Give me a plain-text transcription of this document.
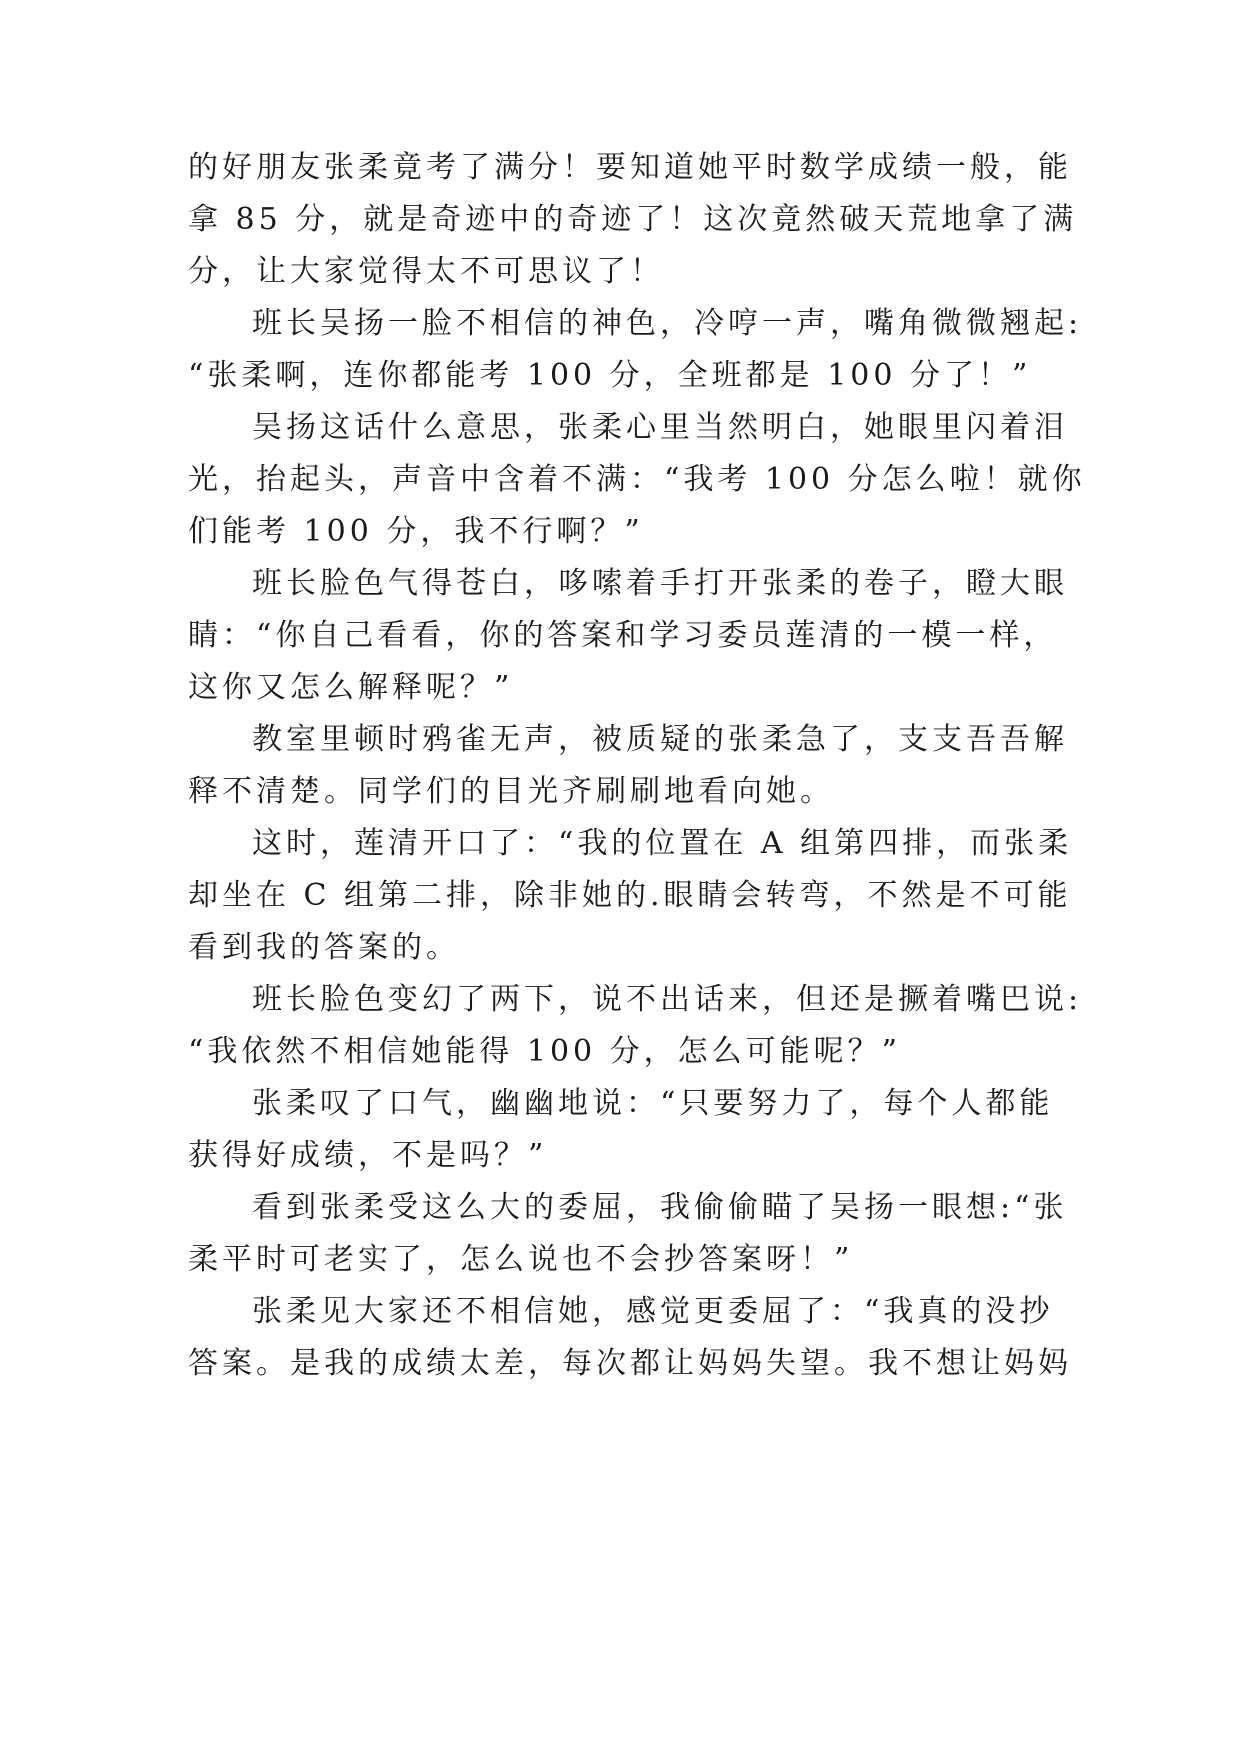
的好朋友张柔竟考了满分！要知道她平时数学成绩一般，能
拿 85 分，就是奇迹中的奇迹了！这次竟然破天荒地拿了满
分，让大家觉得太不可思议了！
班长吴扬一脸不相信的神色，冷哼一声，嘴角微微翘起:
“张柔啊，连你都能考 100 分，全班都是 100 分了！”
吴扬这话什么意思，张柔心里当然明白，她眼里闪着泪
光，抬起头，声音中含着不满：“我考 100 分怎么啦！就你
们能考 100 分，我不行啊？”
班长脸色气得苍白，哆嗦着手打开张柔的卷子，瞪大眼
睛：“你自己看看，你的答案和学习委员莲清的一模一样，
这你又怎么解释呢？”
教室里顿时鸦雀无声，被质疑的张柔急了，支支吾吾解
释不清楚。同学们的目光齐刷刷地看向她。
这时，莲清开口了：“我的位置在 A 组第四排，而张柔
却坐在 C 组第二排，除非她的.眼睛会转弯，不然是不可能
看到我的答案的。
班长脸色变幻了两下，说不出话来，但还是撅着嘴巴说:
“我依然不相信她能得 100 分，怎么可能呢？”
张柔叹了口气，幽幽地说：“只要努力了，每个人都能
获得好成绩，不是吗？”
看到张柔受这么大的委屈，我偷偷瞄了吴扬一眼想:“张
柔平时可老实了，怎么说也不会抄答案呀！”
张柔见大家还不相信她，感觉更委屈了：“我真的没抄
答案。是我的成绩太差，每次都让妈妈失望。我不想让妈妈
